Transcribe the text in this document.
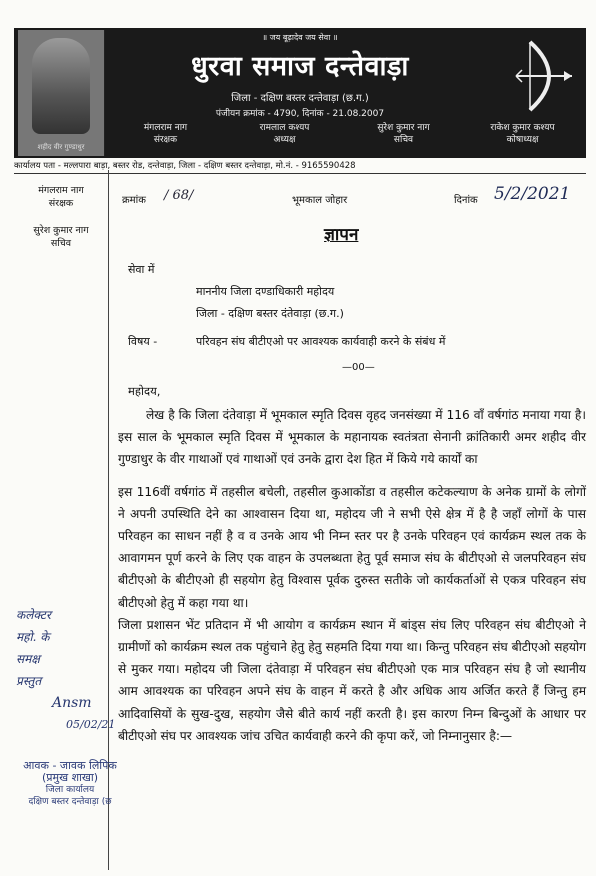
शहीद वीर गुण्डाधुर
॥ जय बूढ़ादेव जय सेवा ॥
धुरवा समाज दन्तेवाड़ा
जिला - दक्षिण बस्तर दन्तेवाड़ा (छ.ग.)
पंजीयन क्रमांक - 4790, दिनांक - 21.08.2007
मंगलराम नाग
संरक्षक
रामलाल कश्यप
अध्यक्ष
सुरेश कुमार नाग
सचिव
राकेश कुमार कश्यप
कोषाध्यक्ष
कार्यालय पता - मल्लपारा बाड़ा, बस्तर रोड, दन्तेवाड़ा, जिला - दक्षिण बस्तर दन्तेवाड़ा, मो.नं. - 9165590428
मंगलराम नाग
संरक्षक
सुरेश कुमार नाग
सचिव
क्रमांक / 68/	भूमकाल जोहार	दिनांक 5/2/2021
ज्ञापन
सेवा में
माननीय जिला दण्डाधिकारी महोदय
जिला - दक्षिण बस्तर दंतेवाड़ा (छ.ग.)
विषय -	परिवहन संघ बीटीएओ पर आवश्यक कार्यवाही करने के संबंध में
—00—
महोदय,

लेख है कि जिला दंतेवाड़ा में भूमकाल स्मृति दिवस वृहद जनसंख्या में 116 वाँ वर्षगांठ मनाया गया है। इस साल के भूमकाल स्मृति दिवस में भूमकाल के महानायक स्वतंत्रता सेनानी क्रांतिकारी अमर शहीद वीर गुण्डाधुर के वीर गाथाओं एवं गाथाओं एवं उनके द्वारा देश हित में किये गये कार्यों का

इस 116वीं वर्षगांठ में तहसील बचेली, तहसील कुआकोंडा व तहसील कटेकल्याण के अनेक ग्रामों के लोगों ने अपनी उपस्थिति देने का आश्वासन दिया था, महोदय जी ने सभी ऐसे क्षेत्र में है है जहाँ लोगों के पास परिवहन का साधन नहीं है व व उनके आय भी निम्न स्तर पर है उनके परिवहन एवं कार्यक्रम स्थल तक के आवागमन पूर्ण करने के लिए एक वाहन के उपलब्धता हेतु पूर्व समाज संघ के बीटीएओ से जलपरिवहन संघ बीटीएओ के बीटीएओ ही सहयोग हेतु विश्वास पूर्वक दुरुस्त सतीके जो कार्यकर्ताओं से एकत्र परिवहन संघ बीटीएओ हेतु में कहा गया था।

जिला प्रशासन भेंट प्रतिदान में भी आयोग व कार्यक्रम स्थान में बांड्स संघ लिए परिवहन संघ बीटीएओ ने ग्रामीणों को कार्यक्रम स्थल तक पहुंचाने हेतु हेतु सहमति दिया गया था। किन्तु परिवहन संघ बीटीएओ सहयोग से मुकर गया। महोदय जी जिला दंतेवाड़ा में परिवहन संघ बीटीएओ एक मात्र परिवहन संघ है जो स्थानीय आम आवश्यक का परिवहन अपने संघ के वाहन में करते है और अधिक आय अर्जित करते हैं जिन्तु हम आदिवासियों के सुख-दुख, सहयोग जैसे बीते कार्य नहीं करती है। इस कारण निम्न बिन्दुओं के आधार पर बीटीएओ संघ पर आवश्यक जांच उचित कार्यवाही करने की कृपा करें, जो निम्नानुसार है:—

कलेक्टर
महो. के
समक्ष
प्रस्तुत
Ansm
05/02/21
आवक - जावक लिपिक
(प्रमुख शाखा)
जिला कार्यालय
दक्षिण बस्तर दन्तेवाड़ा (छ
